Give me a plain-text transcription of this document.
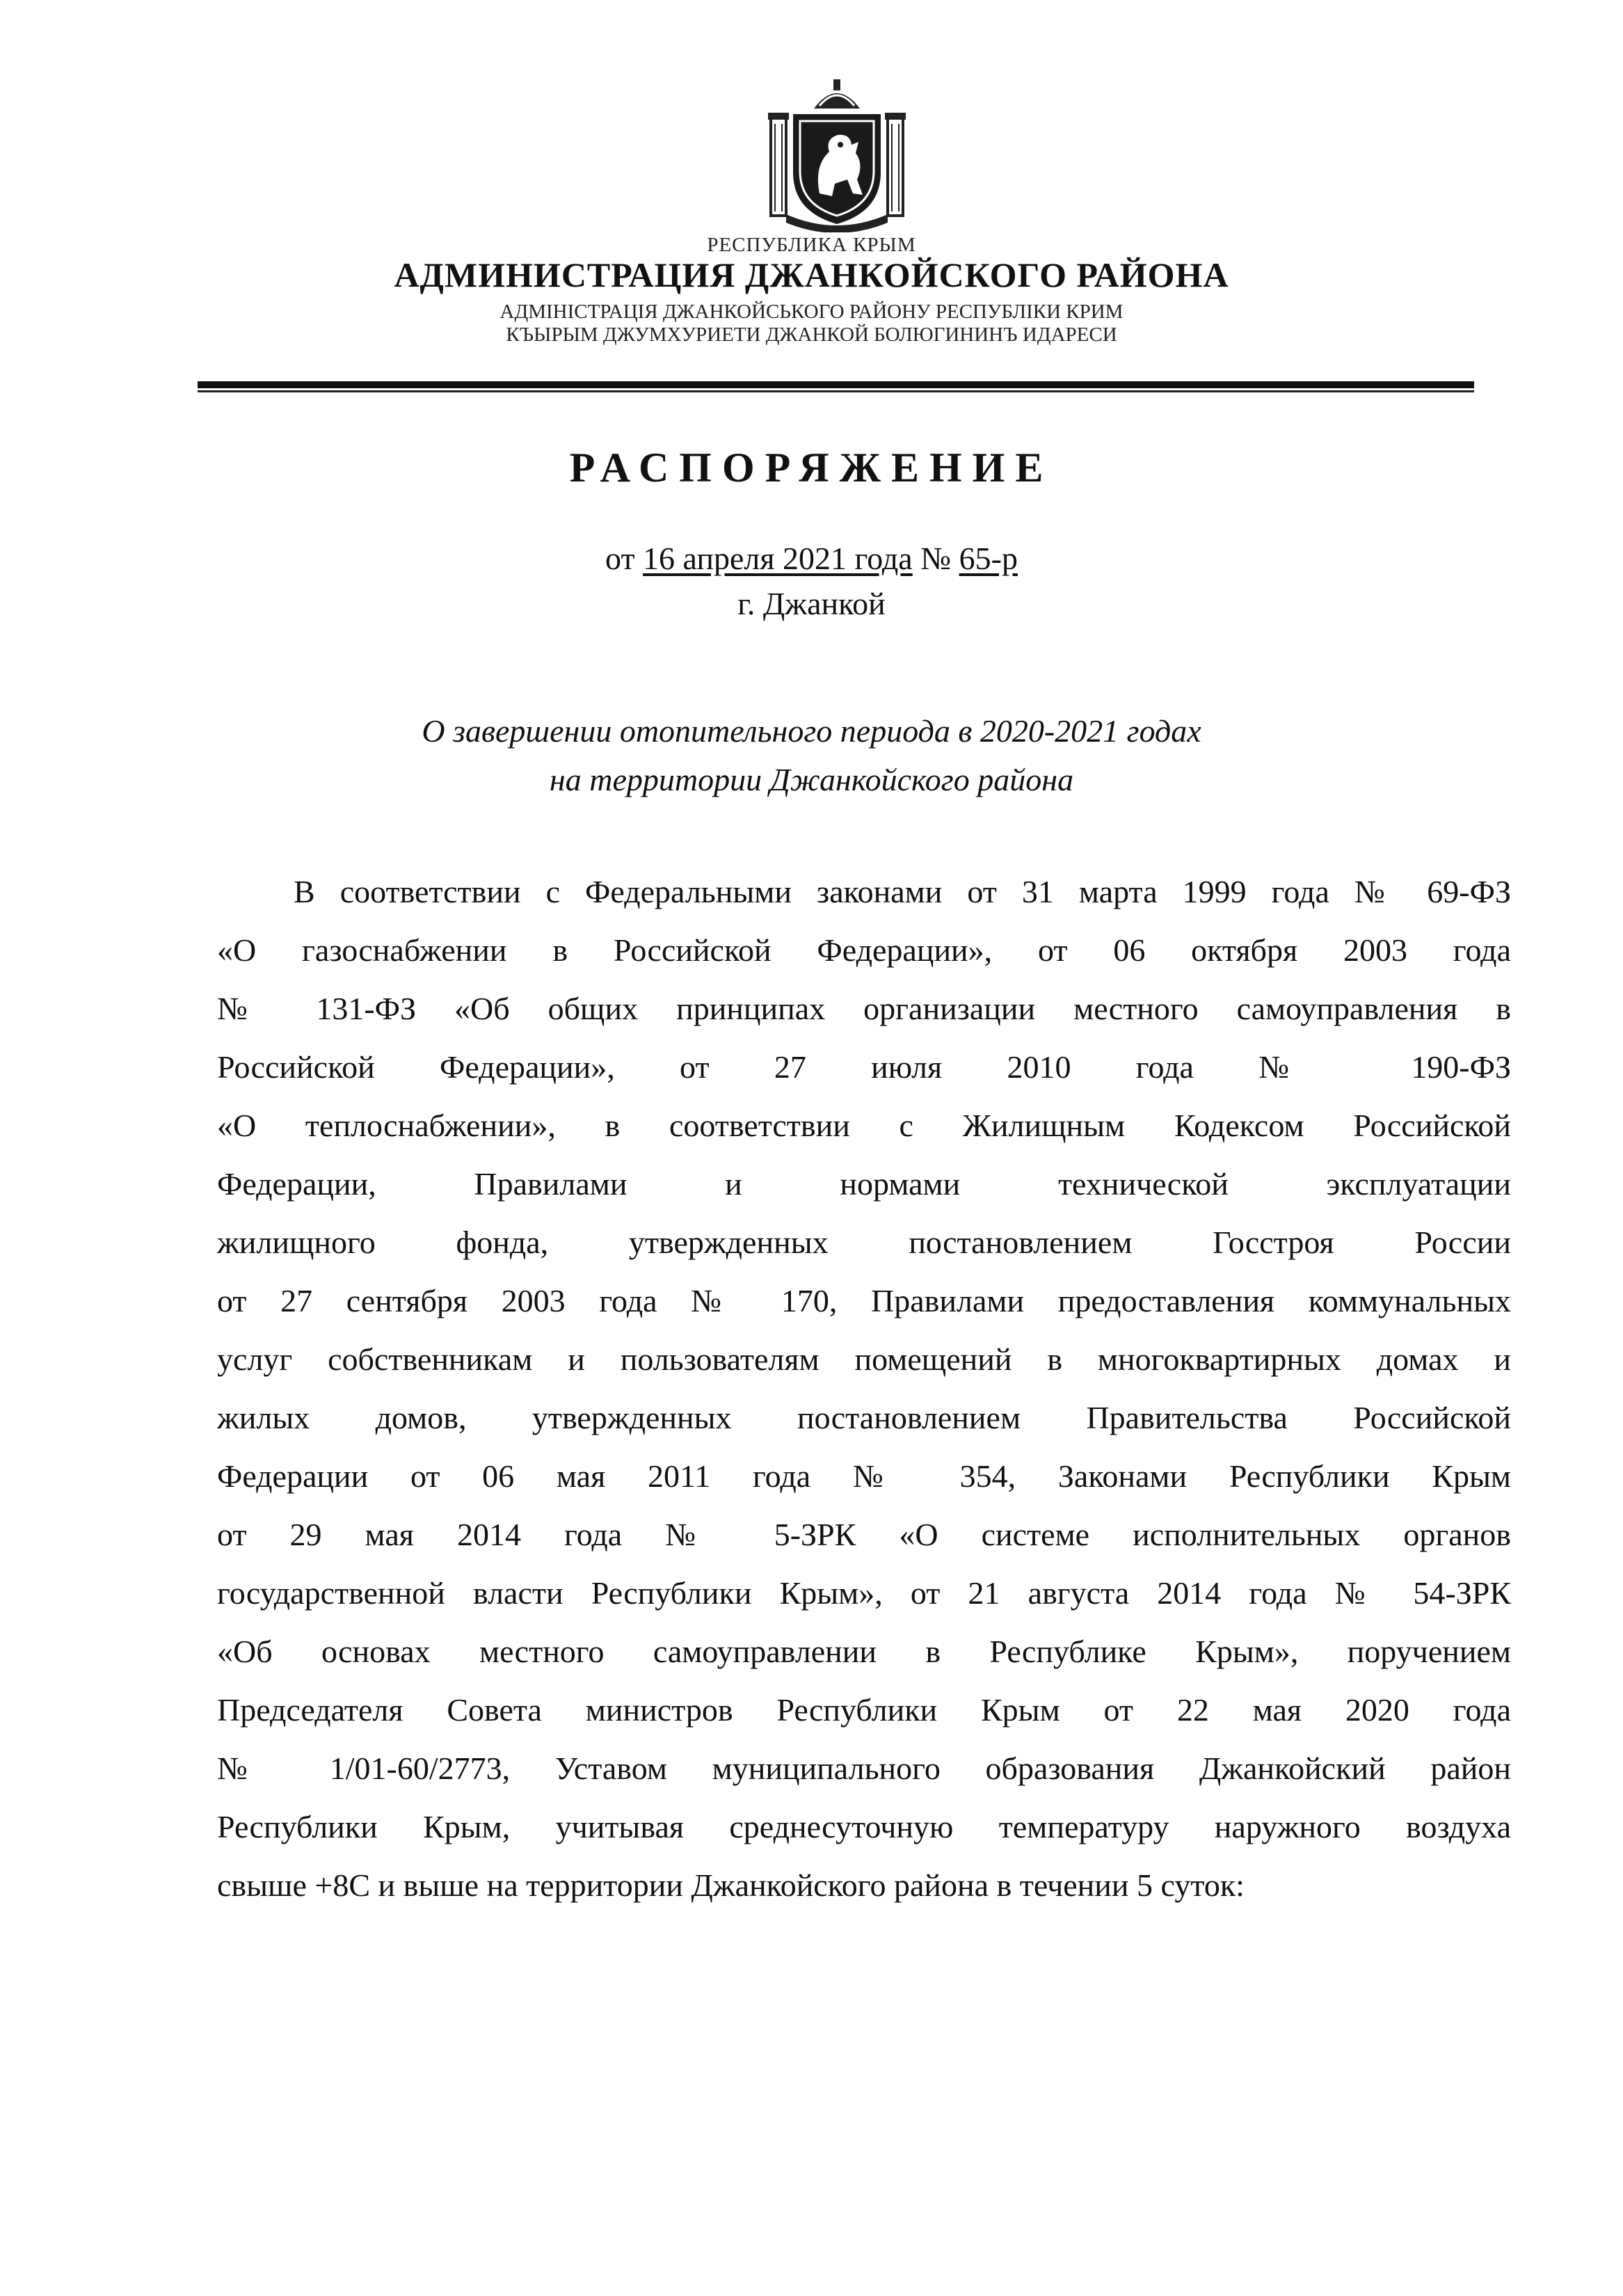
РЕСПУБЛИКА КРЫМ
АДМИНИСТРАЦИЯ ДЖАНКОЙСКОГО РАЙОНА
АДМІНІСТРАЦІЯ ДЖАНКОЙСЬКОГО РАЙОНУ РЕСПУБЛІКИ КРИМ
КЪЫРЫМ ДЖУМХУРИЕТИ ДЖАНКОЙ БОЛЮГИНИНЪ ИДАРЕСИ
РАСПОРЯЖЕНИЕ
от 16 апреля 2021 года № 65-р
г. Джанкой
О завершении отопительного периода в 2020-2021 годах
на территории Джанкойского района
В соответствии с Федеральными законами от 31 марта 1999 года № 69-ФЗ
«О газоснабжении в Российской Федерации», от 06 октября 2003 года
№ 131-ФЗ «Об общих принципах организации местного самоуправления в
Российской Федерации», от 27 июля 2010 года № 190-ФЗ
«О теплоснабжении», в соответствии с Жилищным Кодексом Российской
Федерации, Правилами и нормами технической эксплуатации
жилищного фонда, утвержденных постановлением Госстроя России
от 27 сентября 2003 года № 170, Правилами предоставления коммунальных
услуг собственникам и пользователям помещений в многоквартирных домах и
жилых домов, утвержденных постановлением Правительства Российской
Федерации от 06 мая 2011 года № 354, Законами Республики Крым
от 29 мая 2014 года № 5-ЗРК «О системе исполнительных органов
государственной власти Республики Крым», от 21 августа 2014 года № 54-ЗРК
«Об основах местного самоуправлении в Республике Крым», поручением
Председателя Совета министров Республики Крым от 22 мая 2020 года
№ 1/01-60/2773, Уставом муниципального образования Джанкойский район
Республики Крым, учитывая среднесуточную температуру наружного воздуха
свыше +8С и выше на территории Джанкойского района в течении 5 суток:
